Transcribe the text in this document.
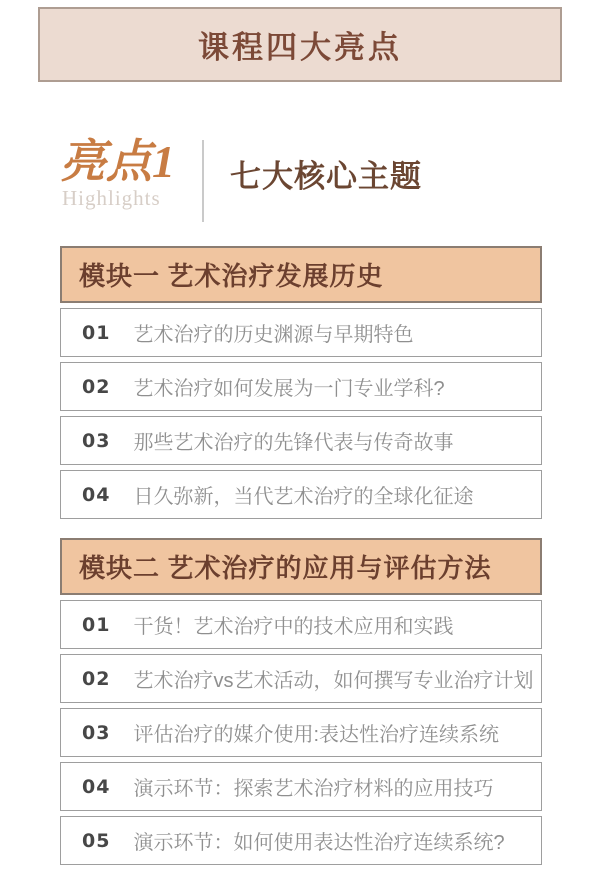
课程四大亮点
亮点1
Highlights
七大核心主题
模块一 艺术治疗发展历史
01 艺术治疗的历史渊源与早期特色
02 艺术治疗如何发展为一门专业学科?
03 那些艺术治疗的先锋代表与传奇故事
04 日久弥新，当代艺术治疗的全球化征途
模块二 艺术治疗的应用与评估方法
01 干货！艺术治疗中的技术应用和实践
02 艺术治疗vs艺术活动，如何撰写专业治疗计划
03 评估治疗的媒介使用:表达性治疗连续系统
04 演示环节：探索艺术治疗材料的应用技巧
05 演示环节：如何使用表达性治疗连续系统?
